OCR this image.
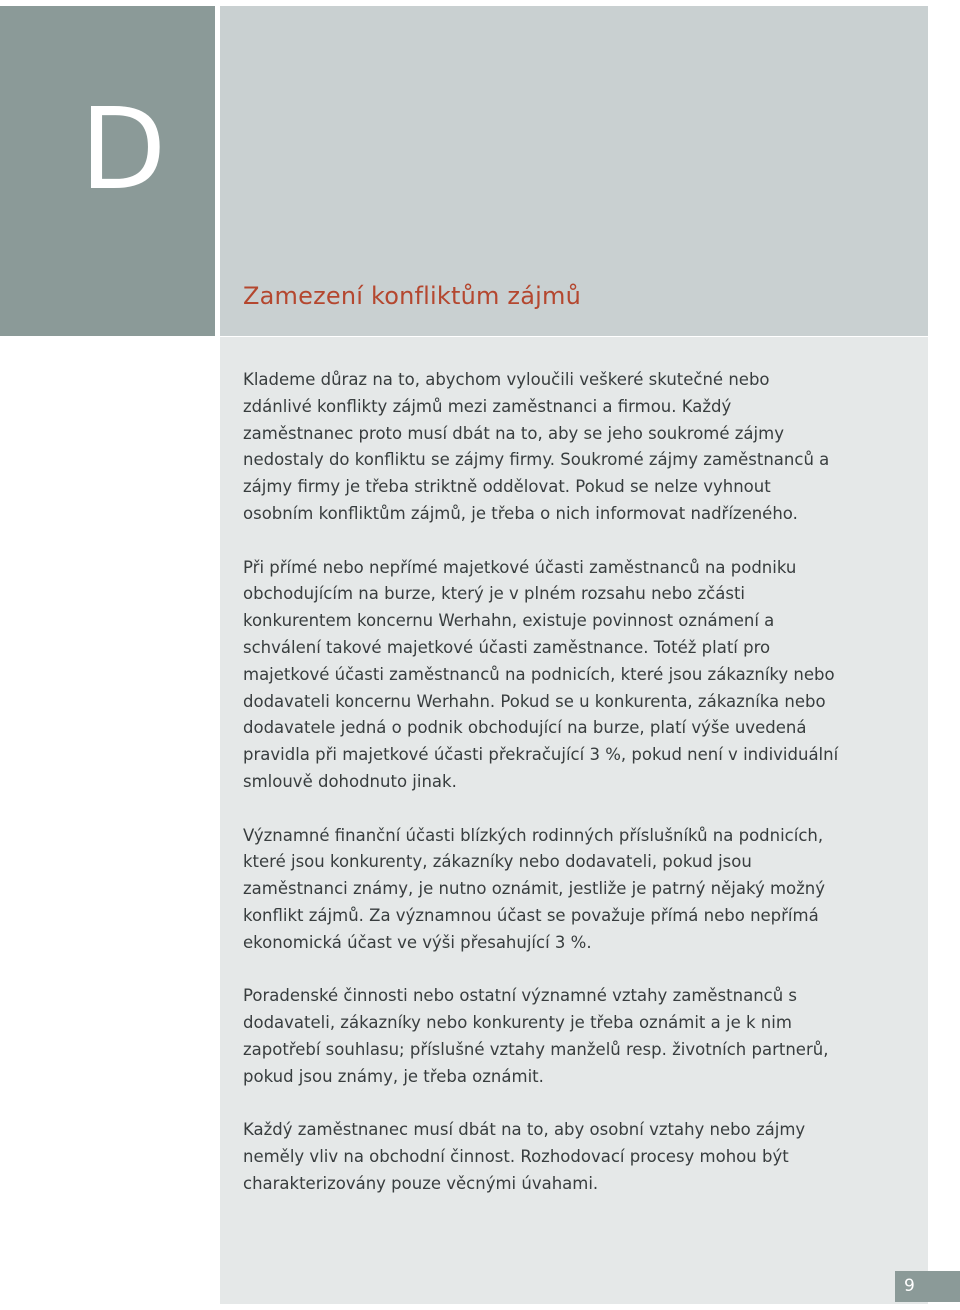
D
Zamezení konfliktům zájmů

Klademe důraz na to, abychom vyloučili veškeré skutečné nebo zdánlivé konflikty zájmů mezi zaměstnanci a firmou. Každý zaměstnanec proto musí dbát na to, aby se jeho soukromé zájmy nedostaly do konfliktu se zájmy firmy. Soukromé zájmy zaměstnanců a zájmy firmy je třeba striktně oddělovat. Pokud se nelze vyhnout osobním konfliktům zájmů, je třeba o nich informovat nadřízeného.

Při přímé nebo nepřímé majetkové účasti zaměstnanců na podniku obchodujícím na burze, který je v plném rozsahu nebo zčásti konkurentem koncernu Werhahn, existuje povinnost oznámení a schválení takové majetkové účasti zaměstnance. Totéž platí pro majetkové účasti zaměstnanců na podnicích, které jsou zákazníky nebo dodavateli koncernu Werhahn. Pokud se u konkurenta, zákazníka nebo dodavatele jedná o podnik obchodující na burze, platí výše uvedená pravidla při majetkové účasti překračující 3 %, pokud není v individuální smlouvě dohodnuto jinak.

Významné finanční účasti blízkých rodinných příslušníků na podnicích, které jsou konkurenty, zákazníky nebo dodavateli, pokud jsou zaměstnanci známy, je nutno oznámit, jestliže je patrný nějaký možný konflikt zájmů. Za významnou účast se považuje přímá nebo nepřímá ekonomická účast ve výši přesahující 3 %.

Poradenské činnosti nebo ostatní významné vztahy zaměstnanců s dodavateli, zákazníky nebo konkurenty je třeba oznámit a je k nim zapotřebí souhlasu; příslušné vztahy manželů resp. životních partnerů, pokud jsou známy, je třeba oznámit.

Každý zaměstnanec musí dbát na to, aby osobní vztahy nebo zájmy neměly vliv na obchodní činnost. Rozhodovací procesy mohou být charakterizovány pouze věcnými úvahami.

9
